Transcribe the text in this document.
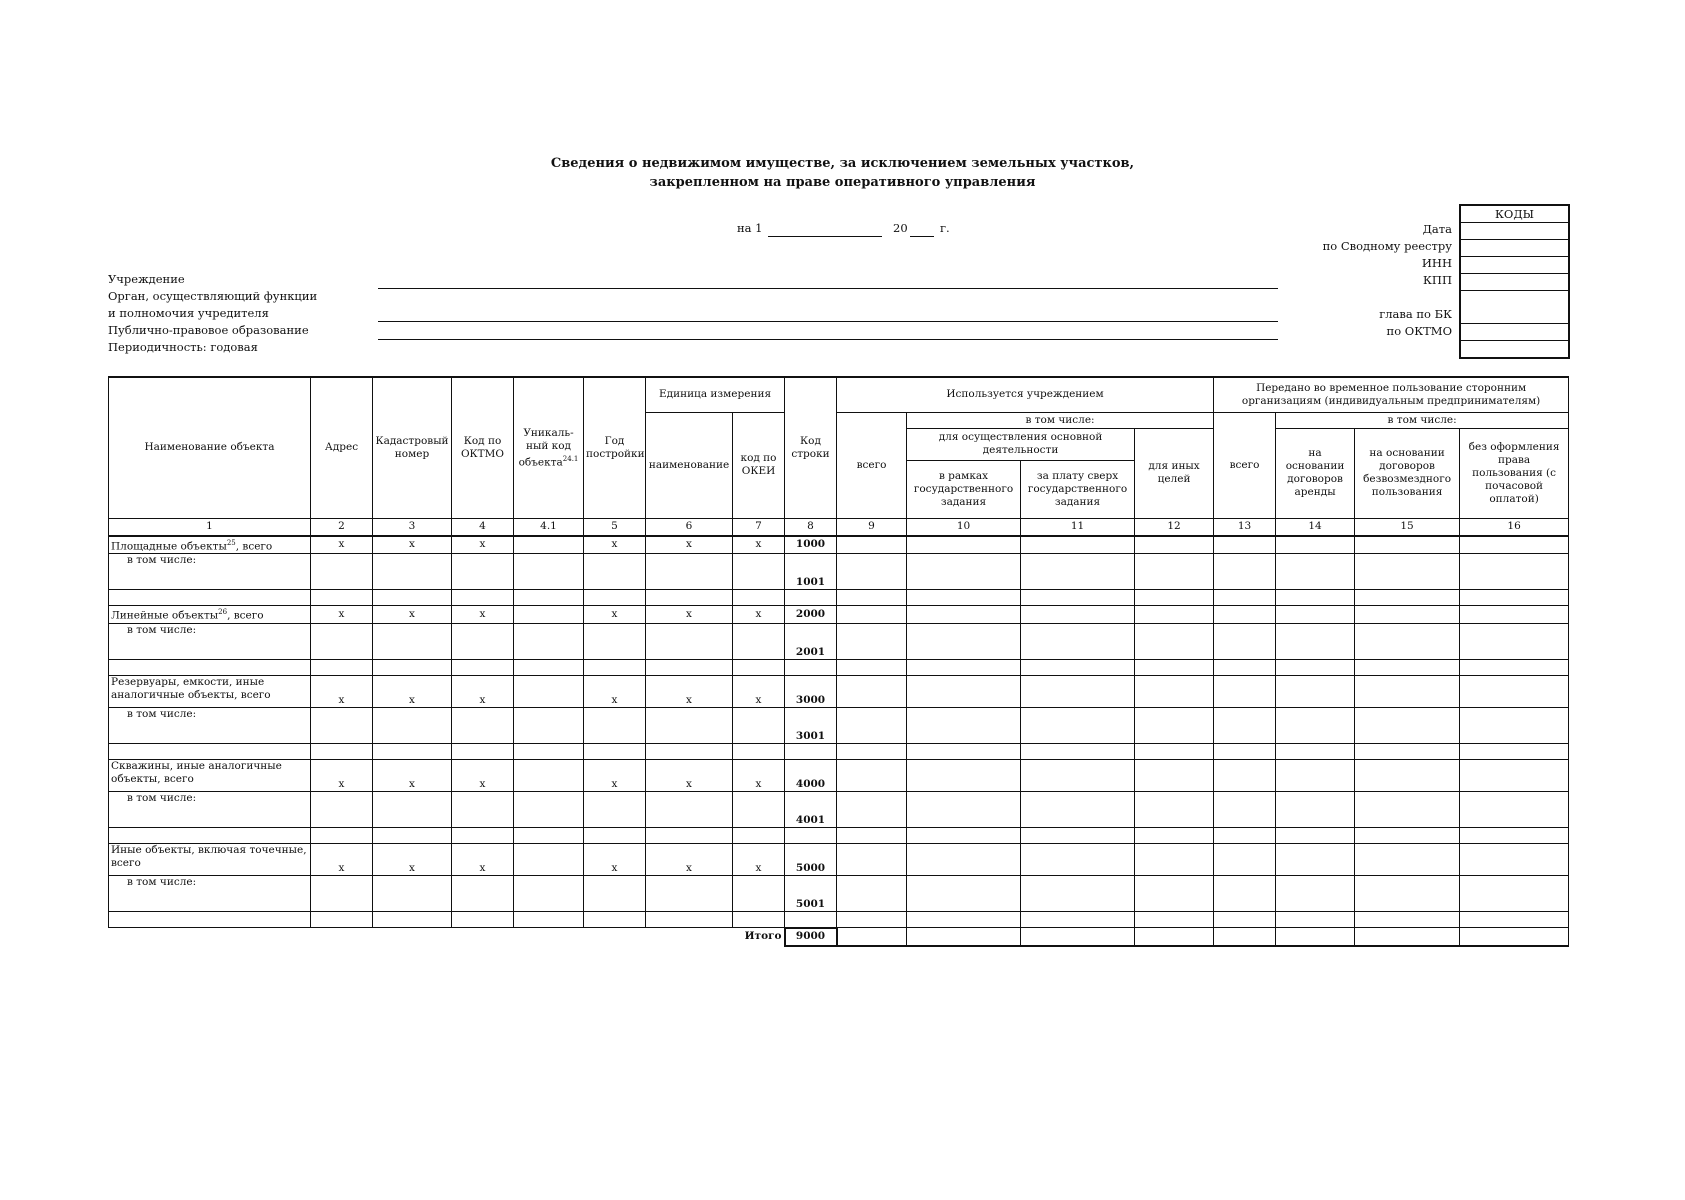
Сведения о недвижимом имуществе, за исключением земельных участков,
закрепленном на праве оперативного управления
на 1	20	г.
КОДЫ
Дата
по Сводному реестру
ИНН
КПП
глава по БК
по ОКТМО
Учреждение
Орган, осуществляющий функции
и полномочия учредителя
Публично-правовое образование
Периодичность: годовая
Наименование объекта	Адрес	Кадастровый номер	Код по ОКТМО	Уникаль-ный код объекта$^{24.1}$	Год постройки	Единица измерения		Код строки	Используется учреждением				Передано во временное пользование сторонним организациям (индивидуальным предпринимателям)			
						наименование	код по ОКЕИ		всего	в том числе:			всего	в том числе:		
										для осуществления основной деятельности		для иных целей		на основании договоров аренды	на основании договоров безвозмездного пользования	без оформления права пользования (с почасовой оплатой)
										в рамках государственного задания	за плату сверх государственного задания					
1	2	3	4	4.1	5	6	7	8	9	10	11	12	13	14	15	16
Площадные объекты$^{25}$, всего	x	x	x		x	x	x	1000								
в том числе:								1001								

Линейные объекты$^{26}$, всего	x	x	x		x	x	x	2000								
в том числе:								2001								

Резервуары, емкости, иные аналогичные объекты, всего	x	x	x		x	x	x	3000								
в том числе:								3001								

Скважины, иные аналогичные объекты, всего	x	x	x		x	x	x	4000								
в том числе:								4001								

Иные объекты, включая точечные, всего	x	x	x		x	x	x	5000								
в том числе:								5001								

Итого								9000								
